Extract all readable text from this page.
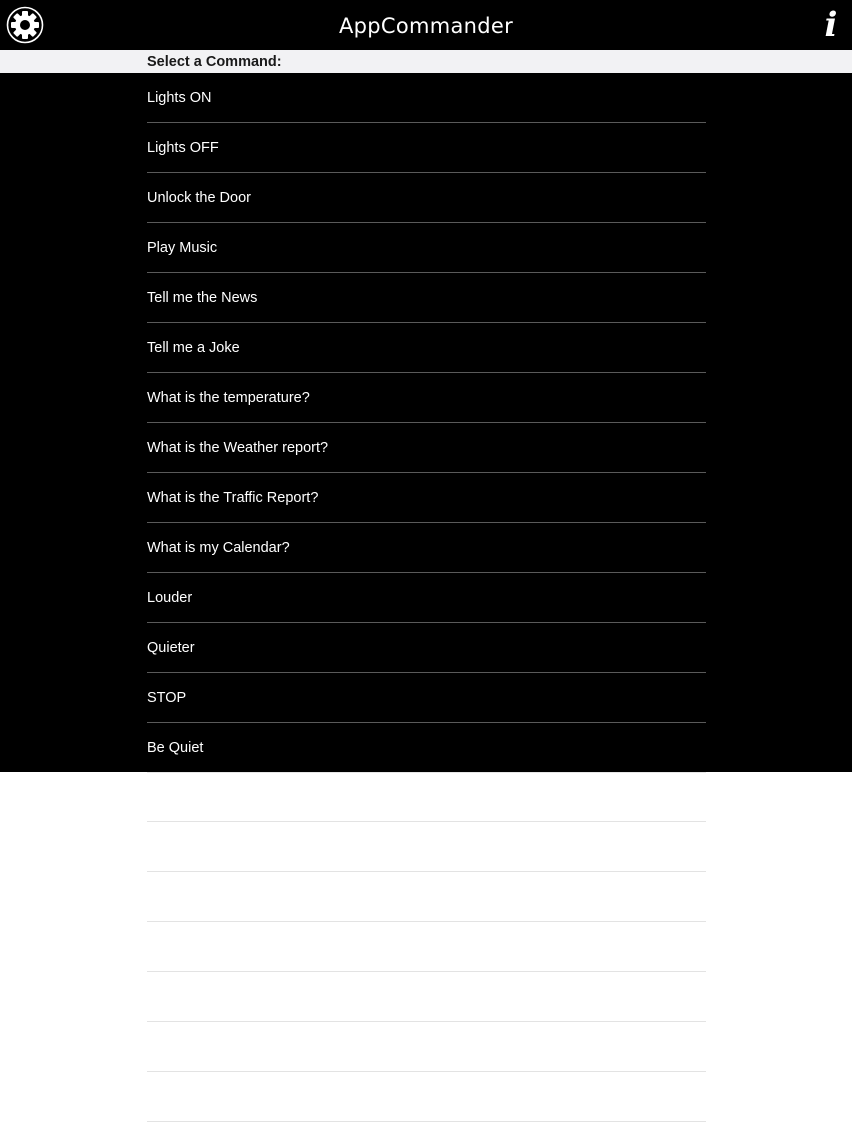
AppCommander	i
Select a Command:
Lights ON
Lights OFF
Unlock the Door
Play Music
Tell me the News
Tell me a Joke
What is the temperature?
What is the Weather report?
What is the Traffic Report?
What is my Calendar?
Louder
Quieter
STOP
Be Quiet
